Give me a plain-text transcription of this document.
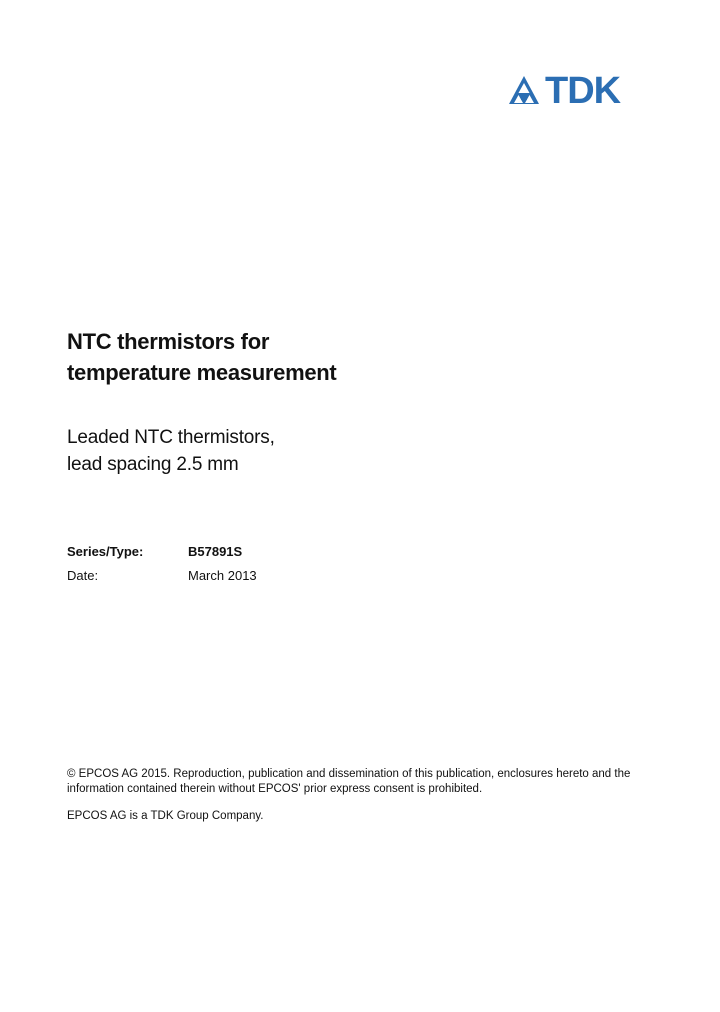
TDK
NTC thermistors for
temperature measurement
Leaded NTC thermistors,
lead spacing 2.5 mm
Series/Type:	B57891S
Date:	March 2013

© EPCOS AG 2015. Reproduction, publication and dissemination of this publication, enclosures hereto and the
information contained therein without EPCOS' prior express consent is prohibited.

EPCOS AG is a TDK Group Company.
